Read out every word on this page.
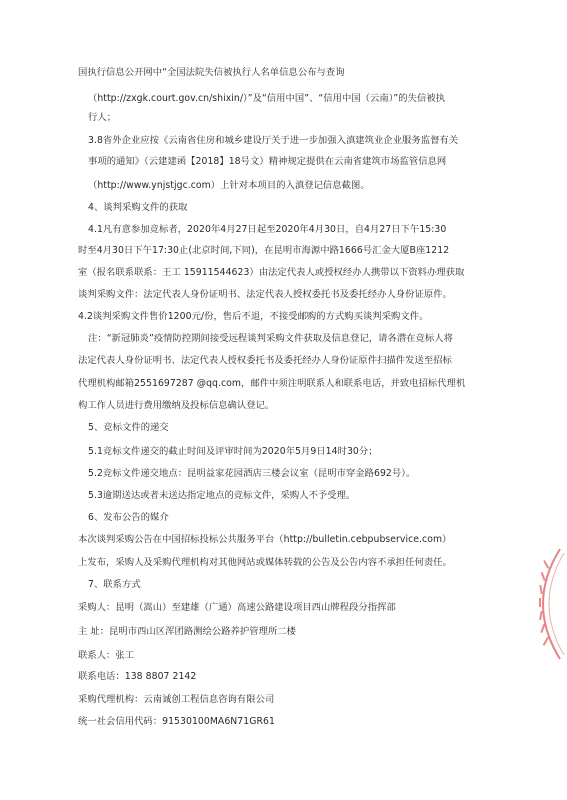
国执行信息公开网中“全国法院失信被执行人名单信息公布与查询
（http://zxgk.court.gov.cn/shixin/）”及“信用中国”、“信用中国（云南）”的失信被执
行人；
3.8省外企业应按《云南省住房和城乡建设厅关于进一步加强入滇建筑业企业服务监督有关
事项的通知》（云建建函【2018】18号文）精神规定提供在云南省建筑市场监管信息网
（http://www.ynjstjgc.com）上针对本项目的入滇登记信息截图。
4、谈判采购文件的获取
4.1凡有意参加竞标者，2020年4月27日起至2020年4月30日，自4月27日下午15:30
时至4月30日下午17:30止(北京时间,下同)，在昆明市海源中路1666号汇金大厦B座1212
室（报名联系联系：王工 15911544623）由法定代表人或授权经办人携带以下资料办理获取
谈判采购文件：法定代表人身份证明书、法定代表人授权委托书及委托经办人身份证原件。
4.2谈判采购文件售价1200元/份，售后不退，不接受邮购的方式购买谈判采购文件。
注：“新冠肺炎”疫情防控期间接受远程谈判采购文件获取及信息登记，请各潜在竞标人将
法定代表人身份证明书、法定代表人授权委托书及委托经办人身份证原件扫描件发送至招标
代理机构邮箱2551697287 @qq.com，邮件中须注明联系人和联系电话，并致电招标代理机
构工作人员进行费用缴纳及投标信息确认登记。
5、竞标文件的递交
5.1竞标文件递交的截止时间及评审时间为2020年5月9日14时30分；
5.2竞标文件递交地点：昆明益家花园酒店三楼会议室（昆明市穿金路692号）。
5.3逾期送达或者未送达指定地点的竞标文件，采购人不予受理。
6、发布公告的媒介
本次谈判采购公告在中国招标投标公共服务平台（http://bulletin.cebpubservice.com）
上发布，采购人及采购代理机构对其他网站或媒体转载的公告及公告内容不承担任何责任。
7、联系方式
采购人：昆明（嵩山）至建雄（广通）高速公路建设项目西山牌程段分指挥部
主 址：昆明市西山区浑团路测绘公路养护管理所二楼
联系人：张工
联系电话：138 8807 2142
采购代理机构：云南诚创工程信息咨询有限公司
统一社会信用代码：91530100MA6N71GR61
